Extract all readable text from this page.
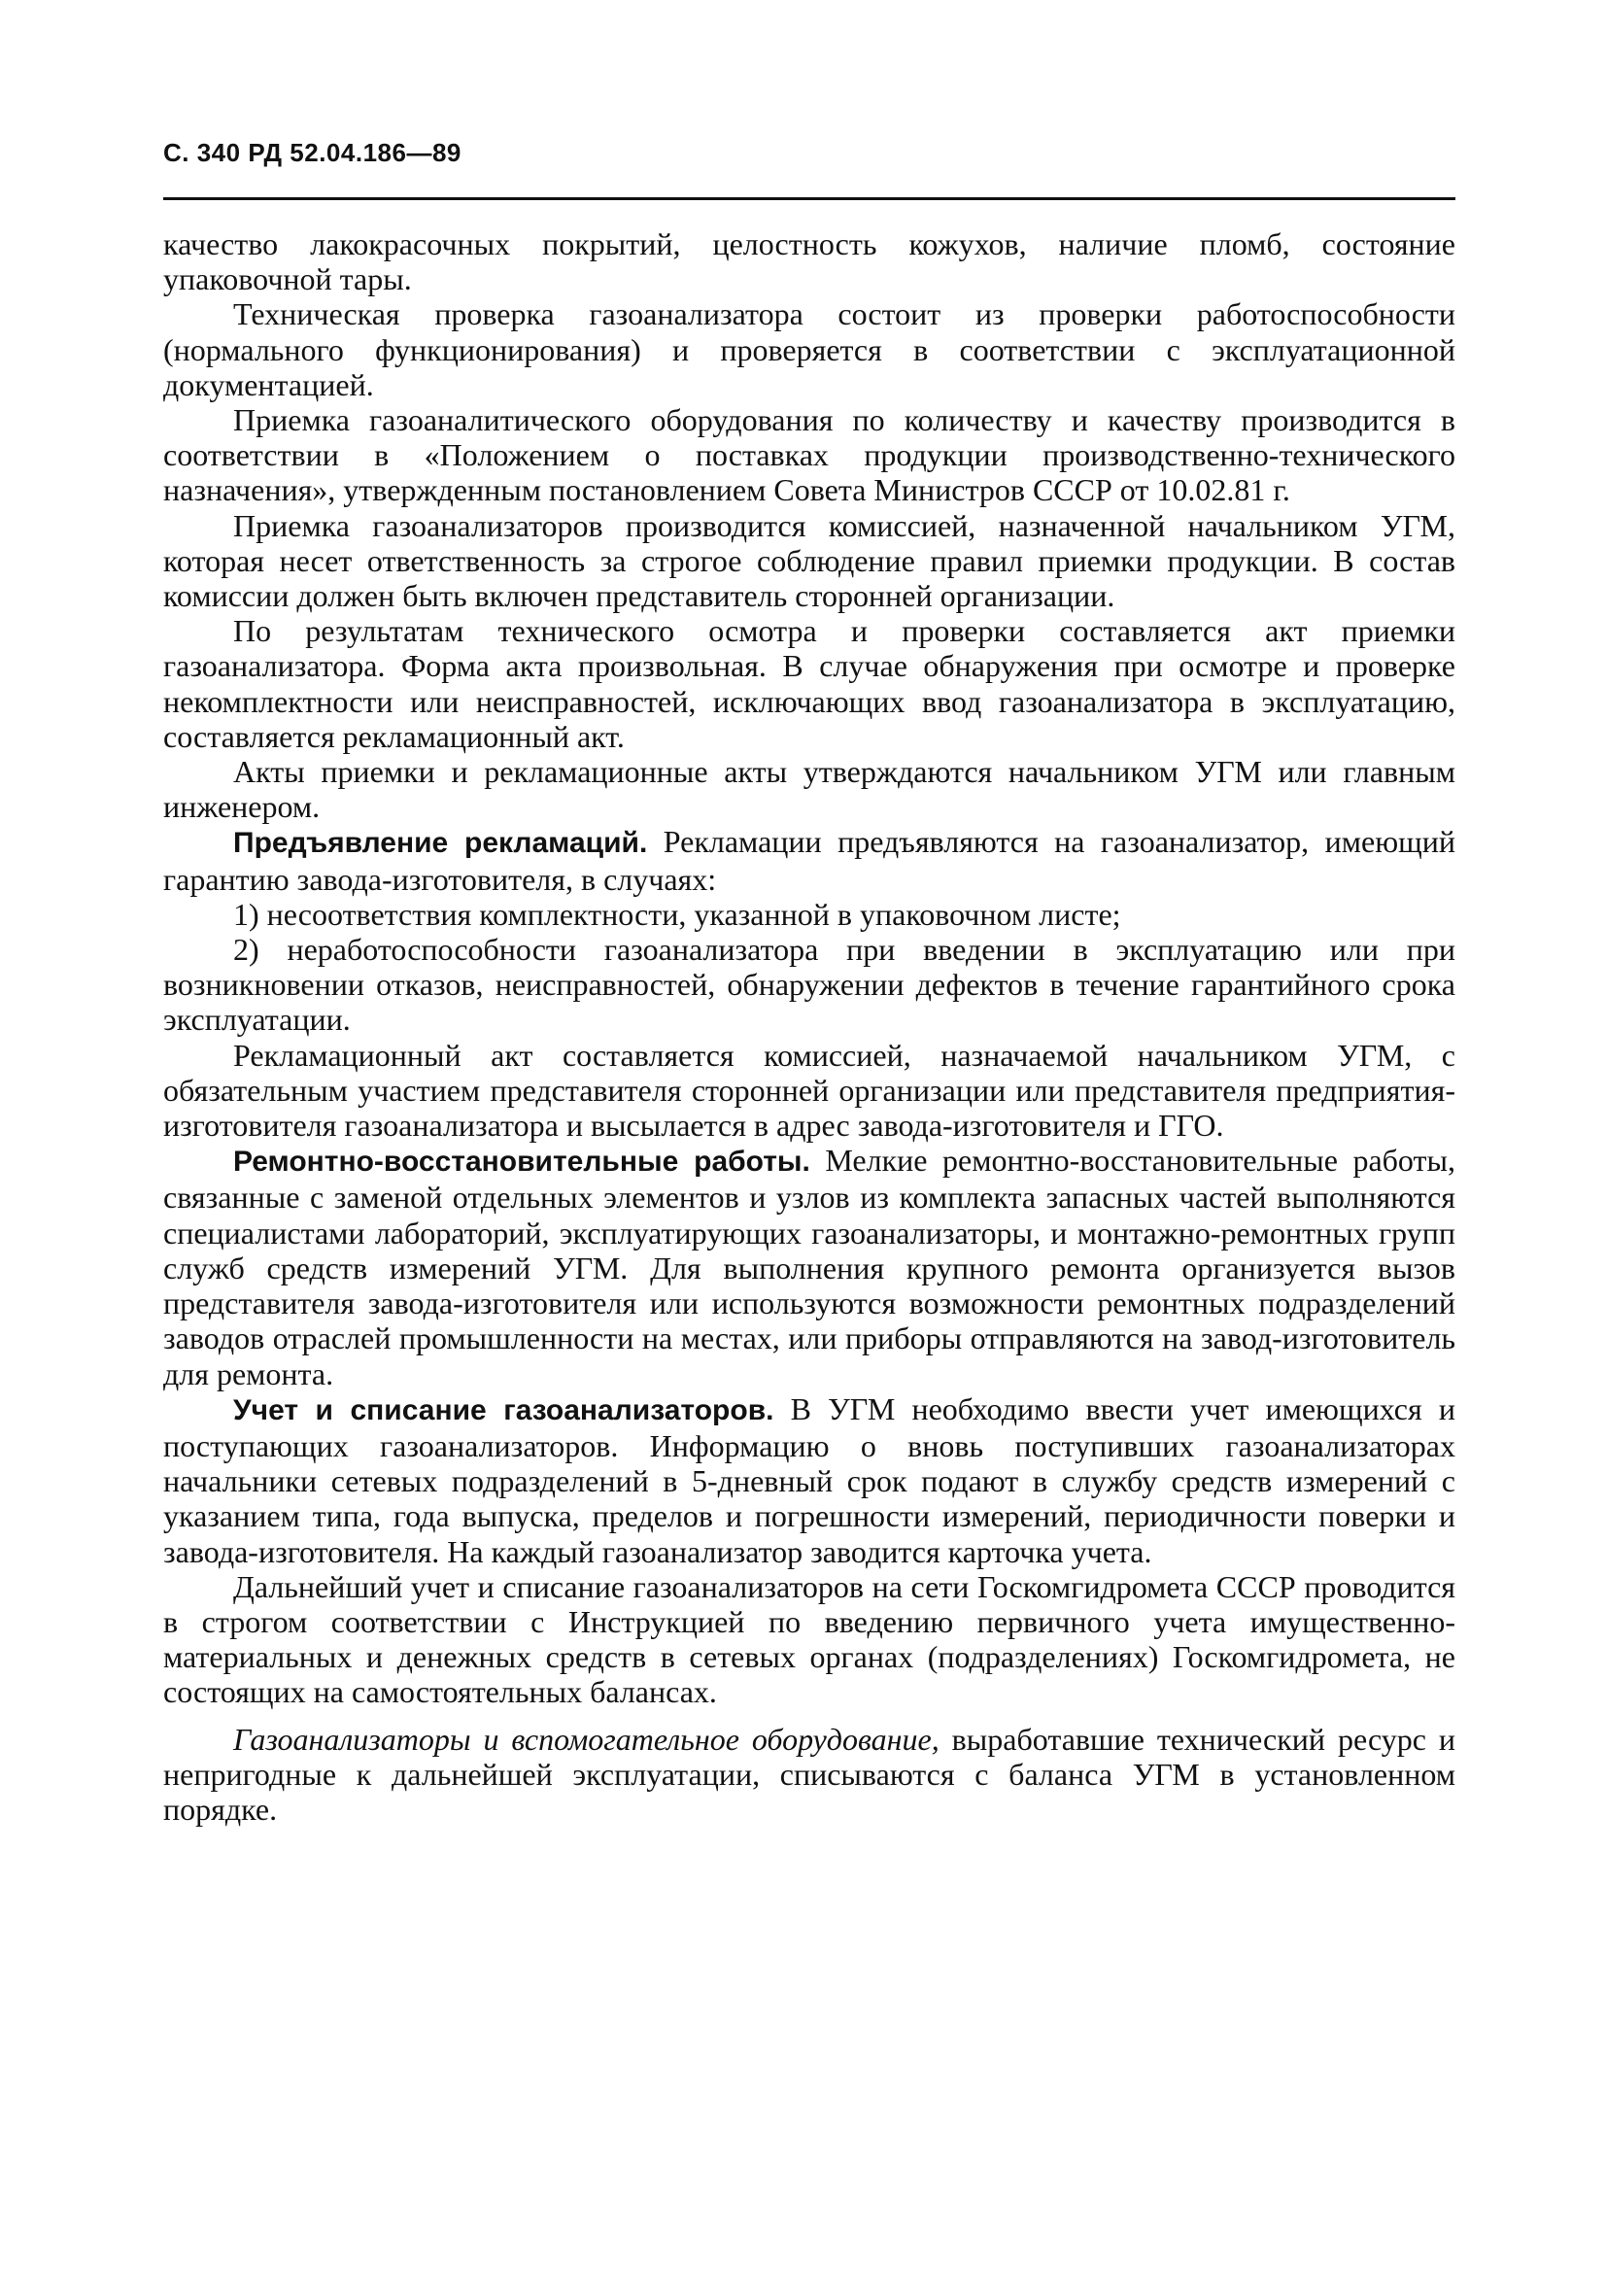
С. 340 РД 52.04.186—89

качество лакокрасочных покрытий, целостность кожухов, наличие пломб, состояние упаковочной тары.

Техническая проверка газоанализатора состоит из проверки работоспособности (нормального функционирования) и проверяется в соответствии с эксплуатационной документацией.

Приемка газоаналитического оборудования по количеству и качеству производится в соответствии в «Положением о поставках продукции производственно-технического назначения», утвержденным постановлением Совета Министров СССР от 10.02.81 г.

Приемка газоанализаторов производится комиссией, назначенной начальником УГМ, которая несет ответственность за строгое соблюдение правил приемки продукции. В состав комиссии должен быть включен представитель сторонней организации.

По результатам технического осмотра и проверки составляется акт приемки газоанализатора. Форма акта произвольная. В случае обнаружения при осмотре и проверке некомплектности или неисправностей, исключающих ввод газоанализатора в эксплуатацию, составляется рекламационный акт.

Акты приемки и рекламационные акты утверждаются начальником УГМ или главным инженером.

Предъявление рекламаций. Рекламации предъявляются на газоанализатор, имеющий гарантию завода-изготовителя, в случаях:

1) несоответствия комплектности, указанной в упаковочном листе;

2) неработоспособности газоанализатора при введении в эксплуатацию или при возникновении отказов, неисправностей, обнаружении дефектов в течение гарантийного срока эксплуатации.

Рекламационный акт составляется комиссией, назначаемой начальником УГМ, с обязательным участием представителя сторонней организации или представителя предприятия-изготовителя газоанализатора и высылается в адрес завода-изготовителя и ГГО.

Ремонтно-восстановительные работы. Мелкие ремонтно-восстановительные работы, связанные с заменой отдельных элементов и узлов из комплекта запасных частей выполняются специалистами лабораторий, эксплуатирующих газоанализаторы, и монтажно-ремонтных групп служб средств измерений УГМ. Для выполнения крупного ремонта организуется вызов представителя завода-изготовителя или используются возможности ремонтных подразделений заводов отраслей промышленности на местах, или приборы отправляются на завод-изготовитель для ремонта.

Учет и списание газоанализаторов. В УГМ необходимо ввести учет имеющихся и поступающих газоанализаторов. Информацию о вновь поступивших газоанализаторах начальники сетевых подразделений в 5-дневный срок подают в службу средств измерений с указанием типа, года выпуска, пределов и погрешности измерений, периодичности поверки и завода-изготовителя. На каждый газоанализатор заводится карточка учета.

Дальнейший учет и списание газоанализаторов на сети Госкомгидромета СССР проводится в строгом соответствии с Инструкцией по введению первичного учета имущественно-материальных и денежных средств в сетевых органах (подразделениях) Госкомгидромета, не состоящих на самостоятельных балансах.

Газоанализаторы и вспомогательное оборудование, выработавшие технический ресурс и непригодные к дальнейшей эксплуатации, списываются с баланса УГМ в установленном порядке.
